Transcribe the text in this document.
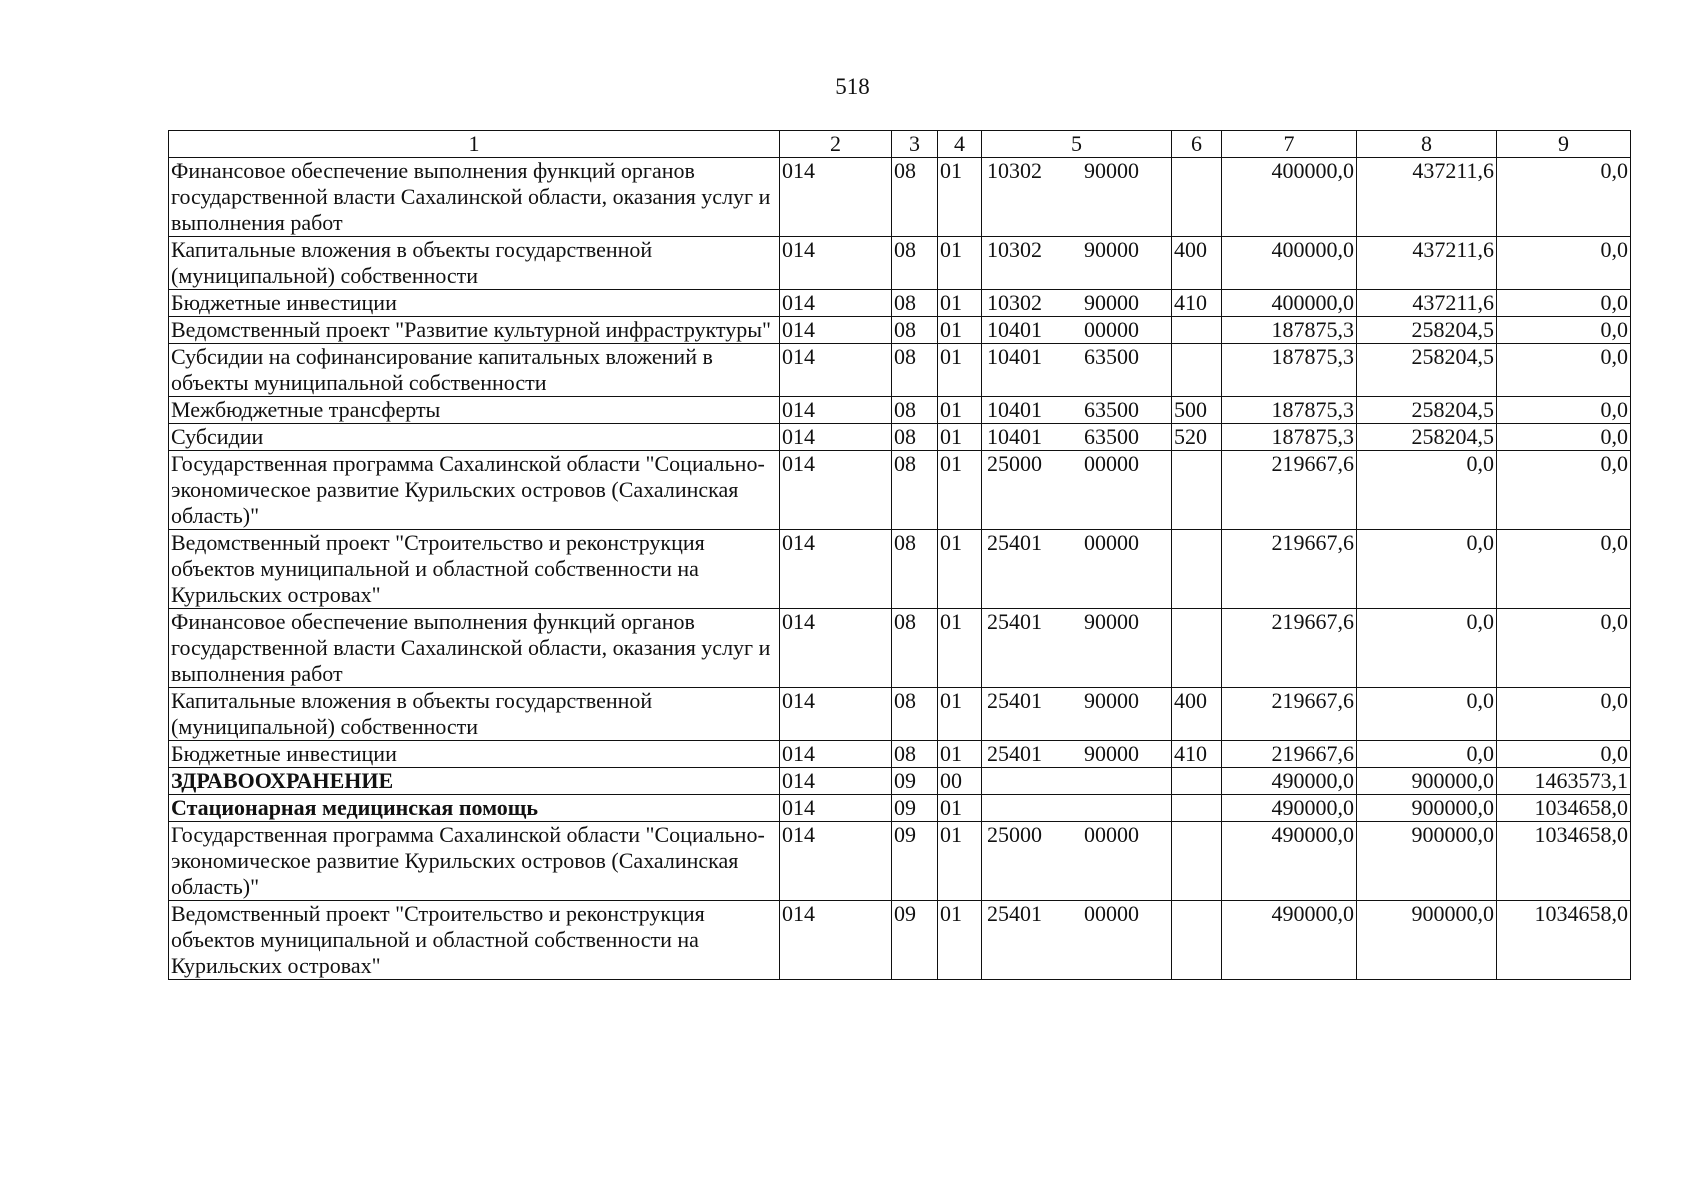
518
1	2	3	4	5	6	7	8	9
Финансовое обеспечение выполнения функций органов государственной власти Сахалинской области, оказания услуг и выполнения работ	014	08	01	10302 90000		400000,0	437211,6	0,0
Капитальные вложения в объекты государственной (муниципальной) собственности	014	08	01	10302 90000	400	400000,0	437211,6	0,0
Бюджетные инвестиции	014	08	01	10302 90000	410	400000,0	437211,6	0,0
Ведомственный проект "Развитие культурной инфраструктуры"	014	08	01	10401 00000		187875,3	258204,5	0,0
Субсидии на софинансирование капитальных вложений в объекты муниципальной собственности	014	08	01	10401 63500		187875,3	258204,5	0,0
Межбюджетные трансферты	014	08	01	10401 63500	500	187875,3	258204,5	0,0
Субсидии	014	08	01	10401 63500	520	187875,3	258204,5	0,0
Государственная программа Сахалинской области "Социально-экономическое развитие Курильских островов (Сахалинская область)"	014	08	01	25000 00000		219667,6	0,0	0,0
Ведомственный проект "Строительство и реконструкция объектов муниципальной и областной собственности на Курильских островах"	014	08	01	25401 00000		219667,6	0,0	0,0
Финансовое обеспечение выполнения функций органов государственной власти Сахалинской области, оказания услуг и выполнения работ	014	08	01	25401 90000		219667,6	0,0	0,0
Капитальные вложения в объекты государственной (муниципальной) собственности	014	08	01	25401 90000	400	219667,6	0,0	0,0
Бюджетные инвестиции	014	08	01	25401 90000	410	219667,6	0,0	0,0
ЗДРАВООХРАНЕНИЕ	014	09	00			490000,0	900000,0	1463573,1
Стационарная медицинская помощь	014	09	01			490000,0	900000,0	1034658,0
Государственная программа Сахалинской области "Социально-экономическое развитие Курильских островов (Сахалинская область)"	014	09	01	25000 00000		490000,0	900000,0	1034658,0
Ведомственный проект "Строительство и реконструкция объектов муниципальной и областной собственности на Курильских островах"	014	09	01	25401 00000		490000,0	900000,0	1034658,0
